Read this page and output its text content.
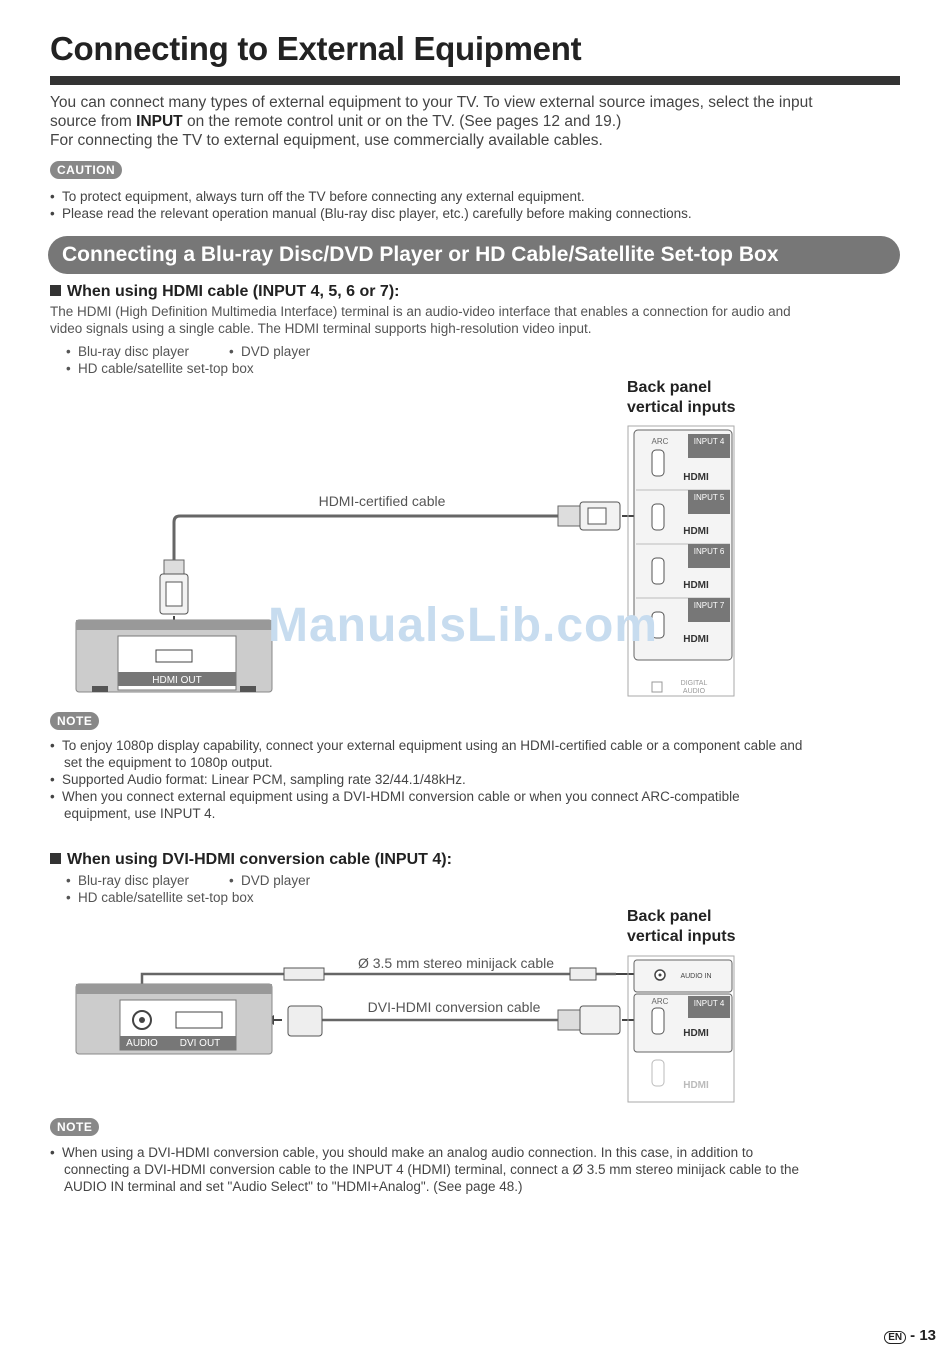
Connecting to External Equipment
You can connect many types of external equipment to your TV. To view external source images, select the input
source from INPUT on the remote control unit or on the TV. (See pages 12 and 19.)
For connecting the TV to external equipment, use commercially available cables.
CAUTION
• To protect equipment, always turn off the TV before connecting any external equipment.
• Please read the relevant operation manual (Blu-ray disc player, etc.) carefully before making connections.
Connecting a Blu-ray Disc/DVD Player or HD Cable/Satellite Set-top Box
When using HDMI cable (INPUT 4, 5, 6 or 7):
The HDMI (High Definition Multimedia Interface) terminal is an audio-video interface that enables a connection for audio and
video signals using a single cable. The HDMI terminal supports high-resolution video input.
• Blu-ray disc player	• DVD player
• HD cable/satellite set-top box
Back panel
vertical inputs
HDMI-certified cable
HDMI OUT
ARC	INPUT 4
HDMI
INPUT 5
HDMI
INPUT 6
HDMI
INPUT 7
HDMI
DIGITAL
AUDIO
ManualsLib.com
NOTE
• To enjoy 1080p display capability, connect your external equipment using an HDMI-certified cable or a component cable and
set the equipment to 1080p output.
• Supported Audio format: Linear PCM, sampling rate 32/44.1/48kHz.
• When you connect external equipment using a DVI-HDMI conversion cable or when you connect ARC-compatible
equipment, use INPUT 4.
When using DVI-HDMI conversion cable (INPUT 4):
• Blu-ray disc player	• DVD player
• HD cable/satellite set-top box
Back panel
vertical inputs
Ø 3.5 mm stereo minijack cable
DVI-HDMI conversion cable
AUDIO DVI OUT
AUDIO IN
ARC	INPUT 4
HDMI
HDMI
NOTE
• When using a DVI-HDMI conversion cable, you should make an analog audio connection. In this case, in addition to
connecting a DVI-HDMI conversion cable to the INPUT 4 (HDMI) terminal, connect a Ø 3.5 mm stereo minijack cable to the
AUDIO IN terminal and set "Audio Select" to "HDMI+Analog". (See page 48.)
EN - 13
